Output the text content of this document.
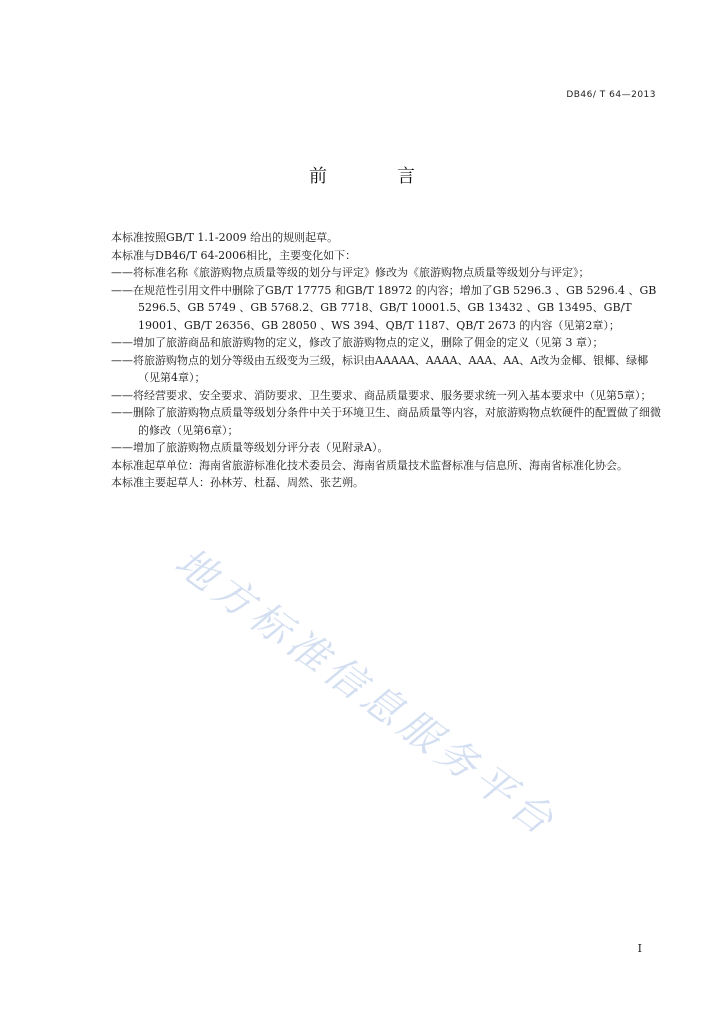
DB46/ T 64—2013
前　言

本标准按照GB/T 1.1-2009 给出的规则起草。

本标准与DB46/T 64-2006相比，主要变化如下：

——将标准名称《旅游购物点质量等级的划分与评定》修改为《旅游购物点质量等级划分与评定》；

——在规范性引用文件中删除了GB/T 17775 和GB/T 18972 的内容；增加了GB 5296.3 、GB 5296.4 、GB 5296.5、GB 5749 、GB 5768.2、GB 7718、GB/T 10001.5、GB 13432 、GB 13495、GB/T 19001、GB/T 26356、GB 28050 、WS 394、QB/T 1187、QB/T 2673 的内容（见第2章）；

——增加了旅游商品和旅游购物的定义，修改了旅游购物点的定义，删除了佣金的定义（见第 3 章）；

——将旅游购物点的划分等级由五级变为三级，标识由AAAAA、AAAA、AAA、AA、A改为金椰、银椰、绿椰（见第4章）；

——将经营要求、安全要求、消防要求、卫生要求、商品质量要求、服务要求统一列入基本要求中（见第5章）；

——删除了旅游购物点质量等级划分条件中关于环境卫生、商品质量等内容，对旅游购物点软硬件的配置做了细微的修改（见第6章）；

——增加了旅游购物点质量等级划分评分表（见附录A）。

本标准起草单位：海南省旅游标准化技术委员会、海南省质量技术监督标准与信息所、海南省标准化协会。

本标准主要起草人：孙林芳、杜磊、周然、张艺朔。

地方标准信息服务平台
I
